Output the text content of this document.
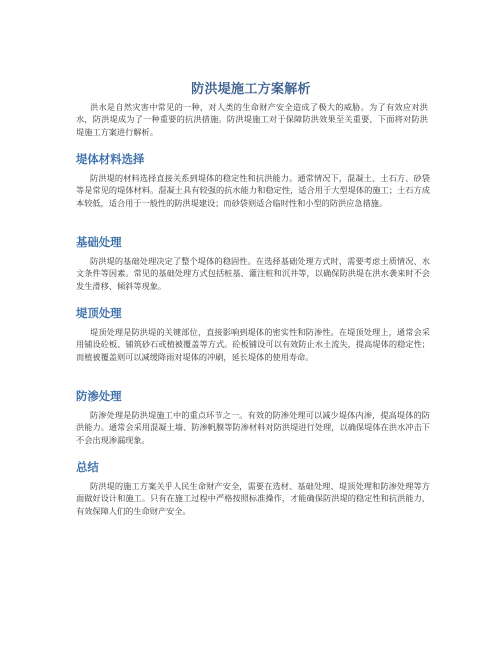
防洪堤施工方案解析

洪水是自然灾害中常见的一种，对人类的生命财产安全造成了极大的威胁。为了有效应对洪水，防洪堤成为了一种重要的抗洪措施。防洪堤施工对于保障防洪效果至关重要，下面将对防洪堤施工方案进行解析。

堤体材料选择

防洪堤的材料选择直接关系到堤体的稳定性和抗洪能力。通常情况下，混凝土、土石方、砂袋等是常见的堤体材料。混凝土具有较强的抗水能力和稳定性，适合用于大型堤体的施工；土石方成本较低，适合用于一般性的防洪堤建设；而砂袋则适合临时性和小型的防洪应急措施。

基础处理

防洪堤的基础处理决定了整个堤体的稳固性。在选择基础处理方式时，需要考虑土质情况、水文条件等因素。常见的基础处理方式包括桩基、灌注桩和沉井等，以确保防洪堤在洪水袭来时不会发生滑移、倾斜等现象。

堤顶处理

堤顶处理是防洪堤的关键部位，直接影响到堤体的密实性和防渗性。在堤顶处理上，通常会采用铺设砼板、铺筑砂石或植被覆盖等方式。砼板铺设可以有效防止水土流失，提高堤体的稳定性；而植被覆盖则可以减缓降雨对堤体的冲刷，延长堤体的使用寿命。

防渗处理

防渗处理是防洪堤施工中的重点环节之一。有效的防渗处理可以减少堤体内渗，提高堤体的防洪能力。通常会采用混凝土墙、防渗帆膜等防渗材料对防洪堤进行处理，以确保堤体在洪水冲击下不会出现渗漏现象。

总结

防洪堤的施工方案关乎人民生命财产安全，需要在选材、基础处理、堤顶处理和防渗处理等方面做好设计和施工。只有在施工过程中严格按照标准操作，才能确保防洪堤的稳定性和抗洪能力，有效保障人们的生命财产安全。
